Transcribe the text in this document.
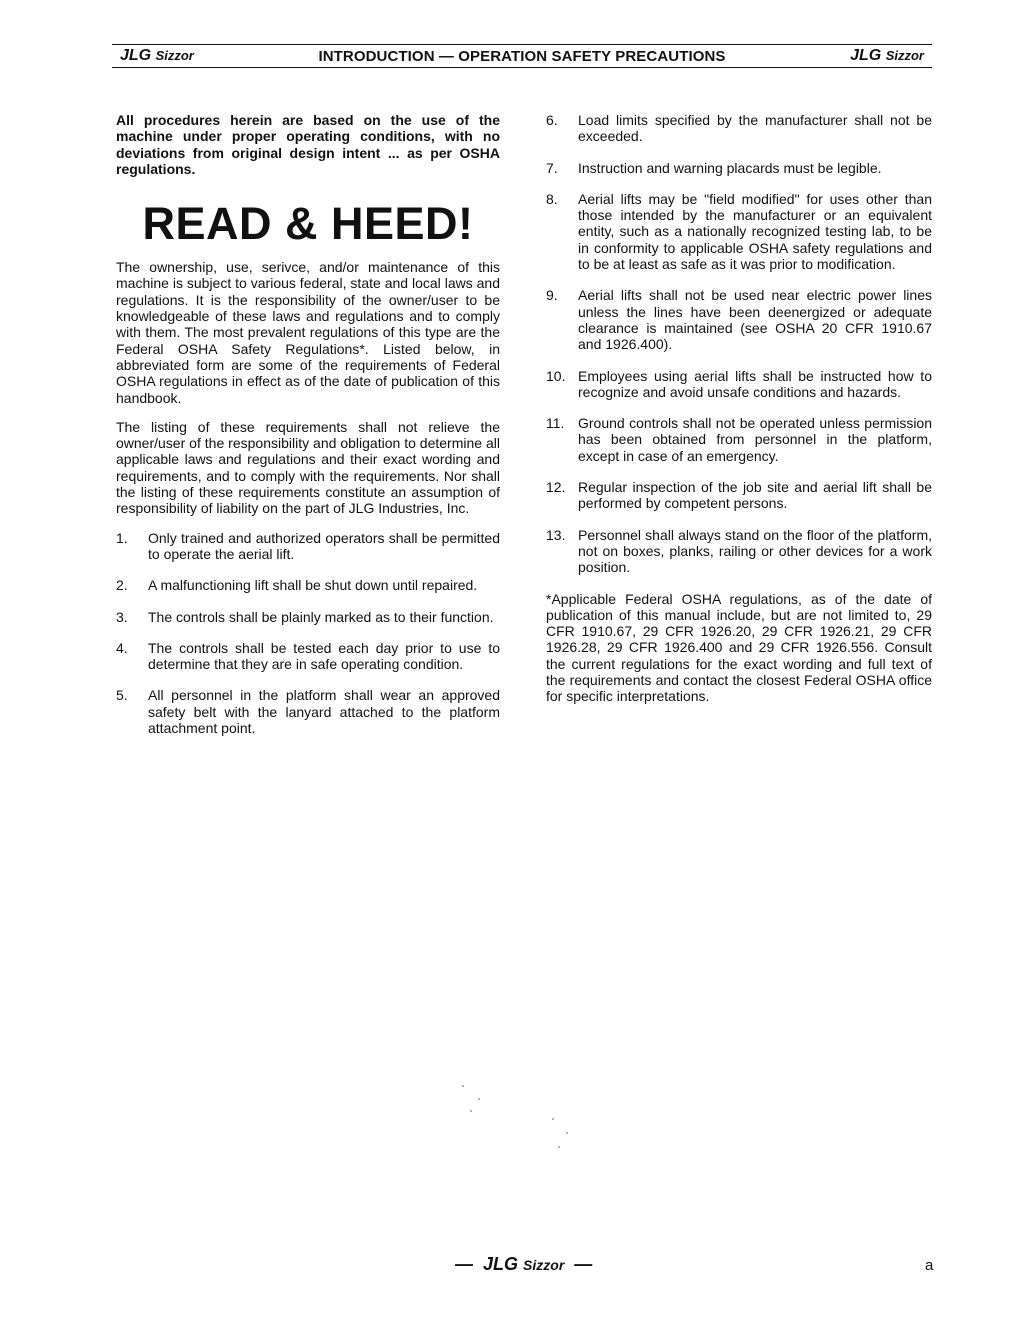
JLG Sizzor	INTRODUCTION — OPERATION SAFETY PRECAUTIONS	JLG Sizzor

All procedures herein are based on the use of the machine under proper operating conditions, with no deviations from original design intent ... as per OSHA regulations.

READ & HEED!

The ownership, use, serivce, and/or maintenance of this machine is subject to various federal, state and local laws and regulations. It is the responsibility of the owner/user to be knowledgeable of these laws and regulations and to comply with them. The most prevalent regulations of this type are the Federal OSHA Safety Regulations*. Listed below, in abbreviated form are some of the requirements of Federal OSHA regulations in effect as of the date of publication of this handbook.

The listing of these requirements shall not relieve the owner/user of the responsibility and obligation to determine all applicable laws and regulations and their exact wording and requirements, and to comply with the requirements. Nor shall the listing of these requirements constitute an assumption of responsibility of liability on the part of JLG Industries, Inc.

1.	Only trained and authorized operators shall be permitted to operate the aerial lift.
2.	A malfunctioning lift shall be shut down until repaired.
3.	The controls shall be plainly marked as to their function.
4.	The controls shall be tested each day prior to use to determine that they are in safe operating condition.
5.	All personnel in the platform shall wear an approved safety belt with the lanyard attached to the platform attachment point.
6.	Load limits specified by the manufacturer shall not be exceeded.
7.	Instruction and warning placards must be legible.
8.	Aerial lifts may be "field modified" for uses other than those intended by the manufacturer or an equivalent entity, such as a nationally recognized testing lab, to be in conformity to applicable OSHA safety regulations and to be at least as safe as it was prior to modification.
9.	Aerial lifts shall not be used near electric power lines unless the lines have been deenergized or adequate clearance is maintained (see OSHA 20 CFR 1910.67 and 1926.400).
10. Employees using aerial lifts shall be instructed how to recognize and avoid unsafe conditions and hazards.
11. Ground controls shall not be operated unless permission has been obtained from personnel in the platform, except in case of an emergency.
12. Regular inspection of the job site and aerial lift shall be performed by competent persons.
13. Personnel shall always stand on the floor of the platform, not on boxes, planks, railing or other devices for a work position.

*Applicable Federal OSHA regulations, as of the date of publication of this manual include, but are not limited to, 29 CFR 1910.67, 29 CFR 1926.20, 29 CFR 1926.21, 29 CFR 1926.28, 29 CFR 1926.400 and 29 CFR 1926.556. Consult the current regulations for the exact wording and full text of the requirements and contact the closest Federal OSHA office for specific interpretations.

— JLG Sizzor —	a
